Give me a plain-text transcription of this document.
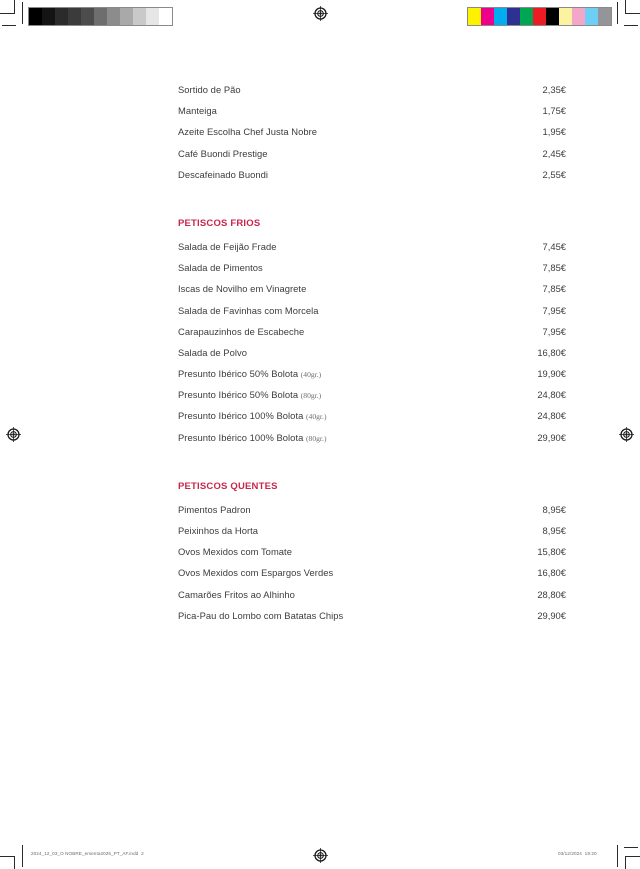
Sortido de Pão	2,35€
Manteiga	1,75€
Azeite Escolha Chef Justa Nobre	1,95€
Café Buondi Prestige	2,45€
Descafeinado Buondi	2,55€
PETISCOS FRIOS
Salada de Feijão Frade	7,45€
Salada de Pimentos	7,85€
Iscas de Novilho em Vinagrete	7,85€
Salada de Favinhas com Morcela	7,95€
Carapauzinhos de Escabeche	7,95€
Salada de Polvo	16,80€
Presunto Ibérico 50% Bolota (40gr.)	19,90€
Presunto Ibérico 50% Bolota (80gr.)	24,80€
Presunto Ibérico 100% Bolota (40gr.)	24,80€
Presunto Ibérico 100% Bolota (80gr.)	29,90€
PETISCOS QUENTES
Pimentos Padron	8,95€
Peixinhos da Horta	8,95€
Ovos Mexidos com Tomate	15,80€
Ovos Mexidos com Espargos Verdes	16,80€
Camarões Fritos ao Alhinho	28,80€
Pica-Pau do Lombo com Batatas Chips	29,90€
2024_12_03_O NOBRE_ementa2025_PT_AF.indd 2	03/12/2024 19:20
